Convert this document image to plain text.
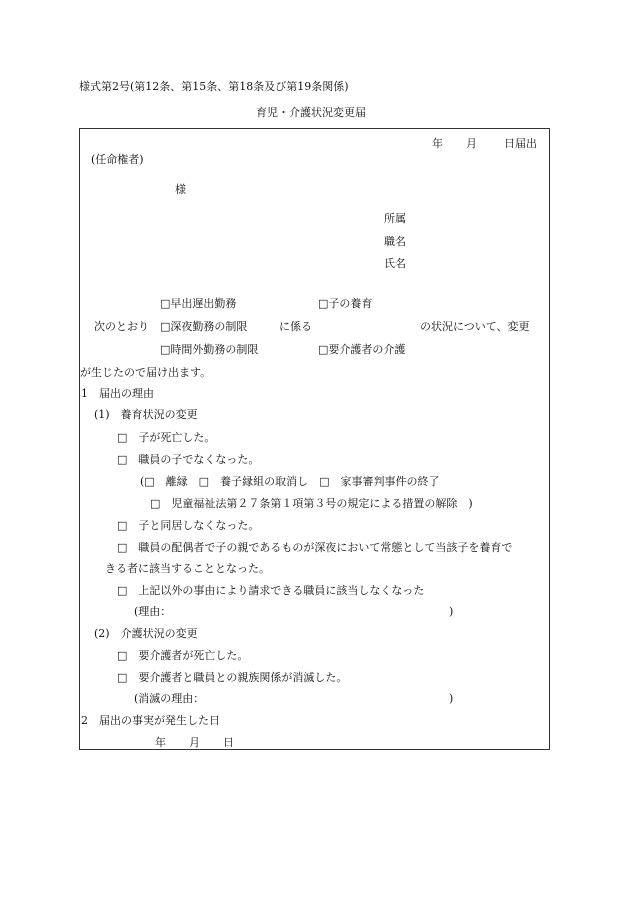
様式第2号(第12条、第15条、第18条及び第19条関係)
育児・介護状況変更届
年 月 日届出
(任命権者)
様
所属
職名
氏名
□早出遅出勤務
□深夜勤務の制限
□時間外勤務の制限
□子の養育
□要介護者の介護
次のとおり	に係る	の状況について、変更
が生じたので届け出ます。
1　届出の理由
(1)　養育状況の変更
□　子が死亡した。
□　職員の子でなくなった。
(□　離縁　□　養子縁組の取消し　□　家事審判事件の終了
□　児童福祉法第２７条第１項第３号の規定による措置の解除　)
□　子と同居しなくなった。
□　職員の配偶者で子の親であるものが深夜において常態として当該子を養育で
きる者に該当することとなった。
□　上記以外の事由により請求できる職員に該当しなくなった
(理由：	)
(2)　介護状況の変更
□　要介護者が死亡した。
□　要介護者と職員との親族関係が消滅した。
(消滅の理由：	)
2　届出の事実が発生した日
年 月 日
